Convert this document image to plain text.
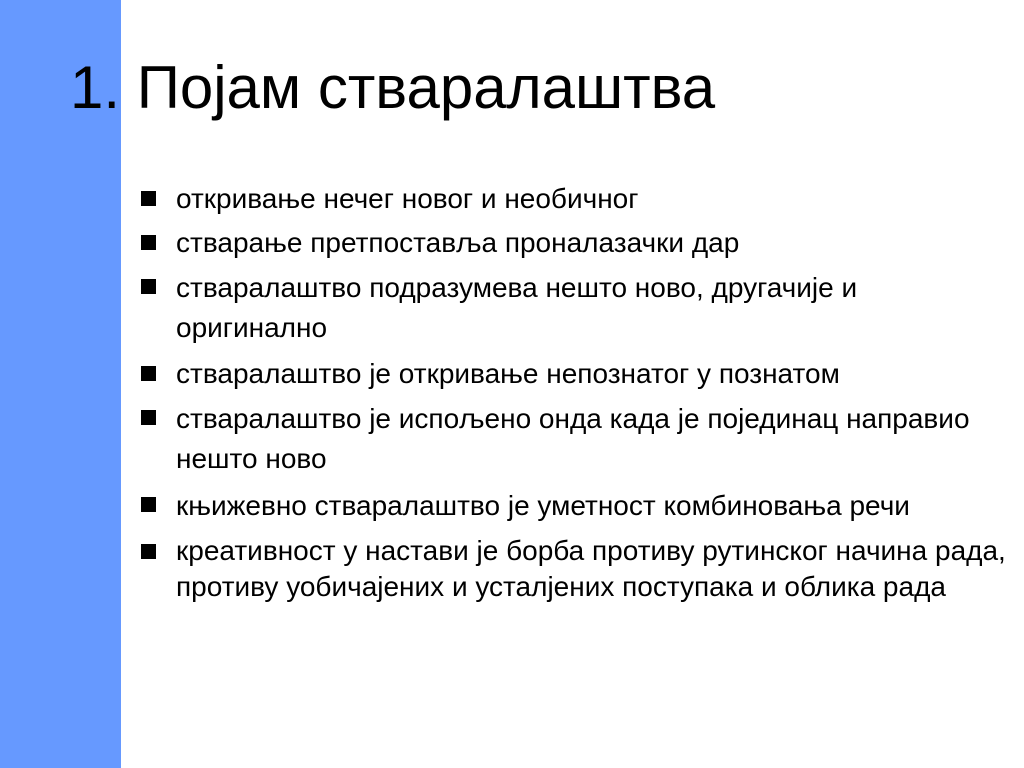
1. Појам стваралаштва
откривање нечег новог и необичног
стварање претпоставља проналазачки дар
стваралаштво подразумева нешто ново, другачије и оригинално
стваралаштво је откривање непознатог у познатом
стваралаштво је испољено онда када је појединац направио нешто ново
књижевно стваралаштво је уметност комбиновања речи
креативност у настави је борба противу рутинског начина рада, противу уобичајених и усталјених поступака и облика рада
